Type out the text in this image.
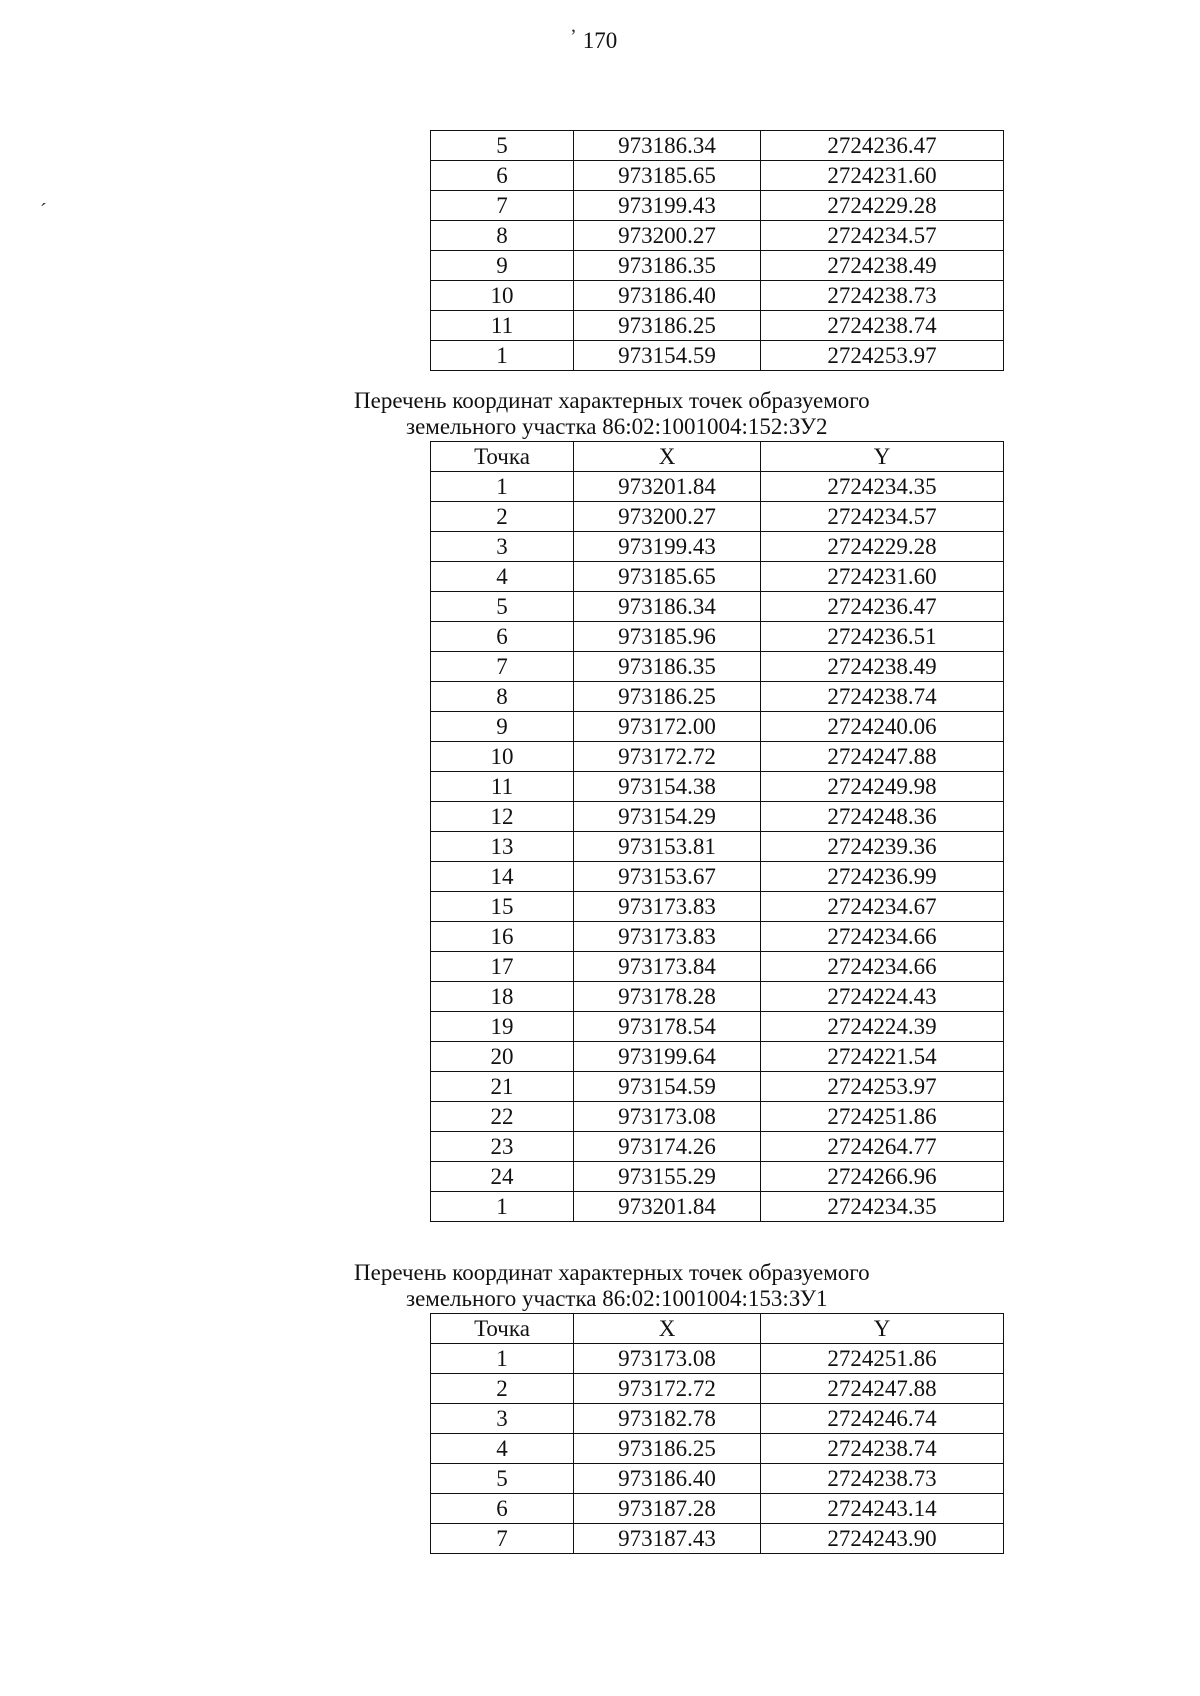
170
ʼ
ˊ
5	973186.34	2724236.47
6	973185.65	2724231.60
7	973199.43	2724229.28
8	973200.27	2724234.57
9	973186.35	2724238.49
10	973186.40	2724238.73
11	973186.25	2724238.74
1	973154.59	2724253.97
Перечень координат характерных точек образуемого
земельного участка 86:02:1001004:152:ЗУ2
Точка	X	Y
1	973201.84	2724234.35
2	973200.27	2724234.57
3	973199.43	2724229.28
4	973185.65	2724231.60
5	973186.34	2724236.47
6	973185.96	2724236.51
7	973186.35	2724238.49
8	973186.25	2724238.74
9	973172.00	2724240.06
10	973172.72	2724247.88
11	973154.38	2724249.98
12	973154.29	2724248.36
13	973153.81	2724239.36
14	973153.67	2724236.99
15	973173.83	2724234.67
16	973173.83	2724234.66
17	973173.84	2724234.66
18	973178.28	2724224.43
19	973178.54	2724224.39
20	973199.64	2724221.54
21	973154.59	2724253.97
22	973173.08	2724251.86
23	973174.26	2724264.77
24	973155.29	2724266.96
1	973201.84	2724234.35
Перечень координат характерных точек образуемого
земельного участка 86:02:1001004:153:ЗУ1
Точка	X	Y
1	973173.08	2724251.86
2	973172.72	2724247.88
3	973182.78	2724246.74
4	973186.25	2724238.74
5	973186.40	2724238.73
6	973187.28	2724243.14
7	973187.43	2724243.90
